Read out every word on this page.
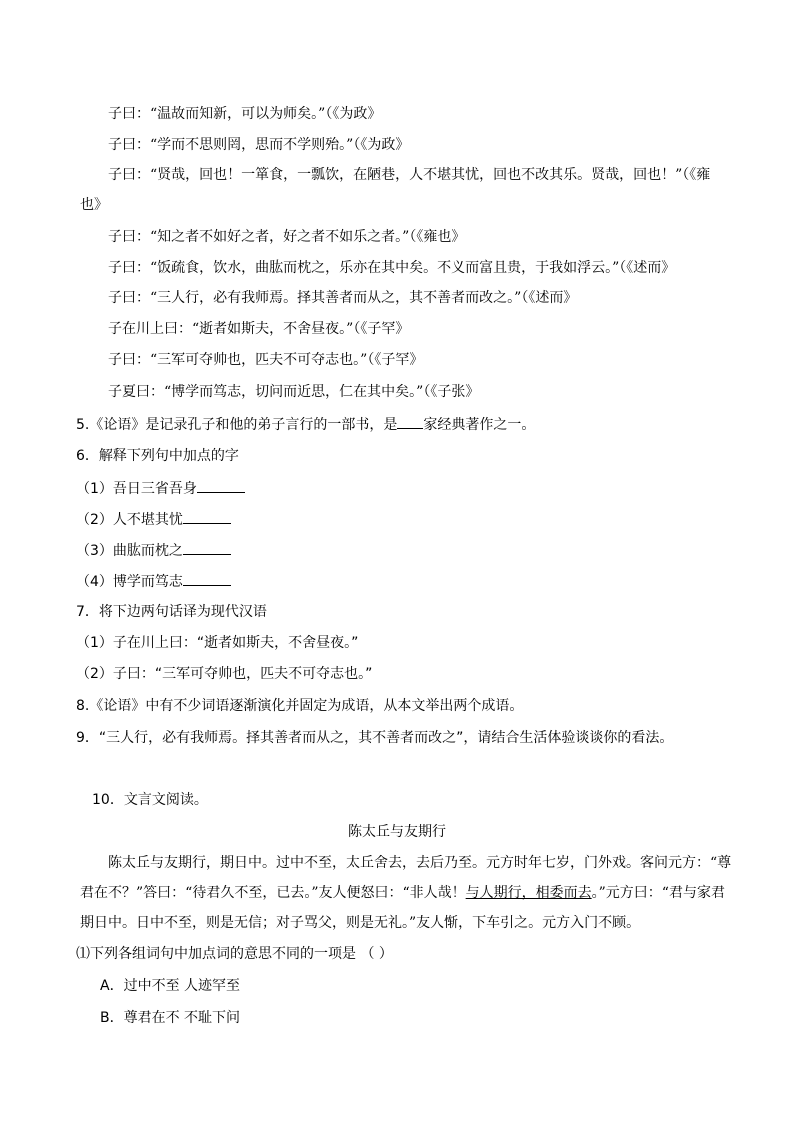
子曰：“温故而知新，可以为师矣。”（《为政》
子曰：“学而不思则罔，思而不学则殆。”（《为政》
子曰：“贤哉，回也！一箪食，一瓢饮，在陋巷，人不堪其忧，回也不改其乐。贤哉，回也！”（《雍
也》
子曰：“知之者不如好之者，好之者不如乐之者。”（《雍也》
子曰：“饭疏食，饮水，曲肱而枕之，乐亦在其中矣。不义而富且贵，于我如浮云。”（《述而》
子曰：“三人行，必有我师焉。择其善者而从之，其不善者而改之。”（《述而》
子在川上曰：“逝者如斯夫，不舍昼夜。”（《子罕》
子曰：“三军可夺帅也，匹夫不可夺志也。”（《子罕》
子夏曰：“博学而笃志，切问而近思，仁在其中矣。”（《子张》
5.《论语》是记录孔子和他的弟子言行的一部书，是 家经典著作之一。
6．解释下列句中加点的字
（1）吾日三省吾身
（2）人不堪其忧
（3）曲肱而枕之
（4）博学而笃志
7．将下边两句话译为现代汉语
（1）子在川上曰：“逝者如斯夫，不舍昼夜。”
（2）子曰：“三军可夺帅也，匹夫不可夺志也。”
8.《论语》中有不少词语逐渐演化并固定为成语，从本文举出两个成语。
9．“三人行，必有我师焉。择其善者而从之，其不善者而改之”，请结合生活体验谈谈你的看法。
10．文言文阅读。
陈太丘与友期行
陈太丘与友期行，期日中。过中不至，太丘舍去，去后乃至。元方时年七岁，门外戏。客问元方：“尊
君在不？”答曰：“待君久不至，已去。”友人便怒曰：“非人哉！与人期行，相委而去。”元方曰：“君与家君
期日中。日中不至，则是无信；对子骂父，则是无礼。”友人惭，下车引之。元方入门不顾。
⑴下列各组词句中加点词的意思不同的一项是 （ ）
A．过中不至 人迹罕至
B．尊君在不 不耻下问
